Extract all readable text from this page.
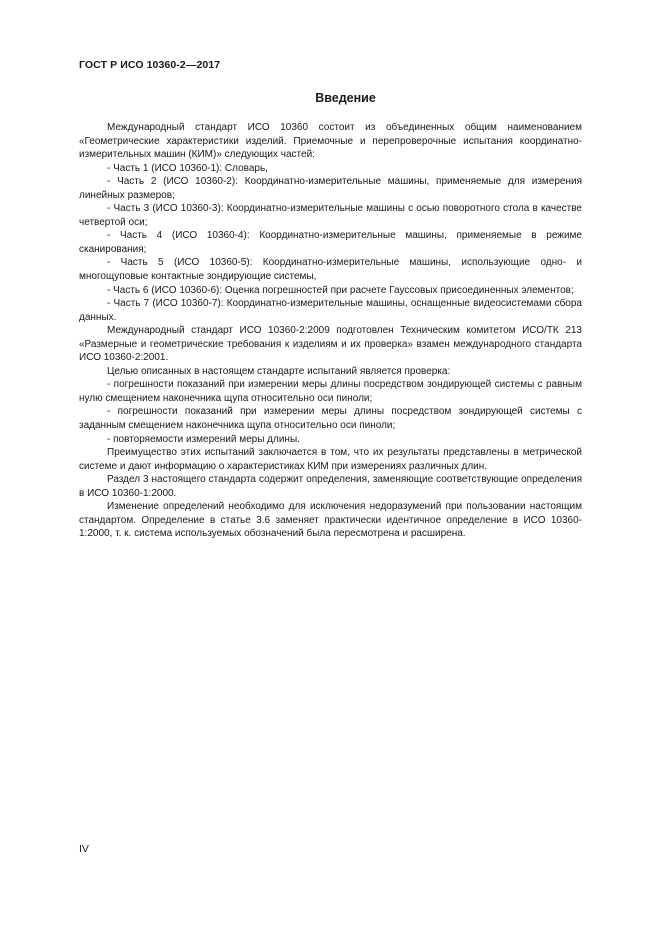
ГОСТ Р ИСО 10360-2—2017
Введение

Международный стандарт ИСО 10360 состоит из объединенных общим наименованием «Геометрические характеристики изделий. Приемочные и перепроверочные испытания координатно-измерительных машин (КИМ)» следующих частей:

- Часть 1 (ИСО 10360-1): Словарь,

- Часть 2 (ИСО 10360-2): Координатно-измерительные машины, применяемые для измерения линейных размеров;

- Часть 3 (ИСО 10360-3): Координатно-измерительные машины с осью поворотного стола в качестве четвертой оси;

- Часть 4 (ИСО 10360-4): Координатно-измерительные машины, применяемые в режиме сканирования;

- Часть 5 (ИСО 10360-5): Координатно-измерительные машины, использующие одно- и многощуповые контактные зондирующие системы,

- Часть 6 (ИСО 10360-6): Оценка погрешностей при расчете Гауссовых присоединенных элементов;

- Часть 7 (ИСО 10360-7): Координатно-измерительные машины, оснащенные видеосистемами сбора данных.

Международный стандарт ИСО 10360-2:2009 подготовлен Техническим комитетом ИСО/ТК 213 «Размерные и геометрические требования к изделиям и их проверка» взамен международного стандарта ИСО 10360-2:2001.

Целью описанных в настоящем стандарте испытаний является проверка:

- погрешности показаний при измерении меры длины посредством зондирующей системы с равным нулю смещением наконечника щупа относительно оси пиноли;

- погрешности показаний при измерении меры длины посредством зондирующей системы с заданным смещением наконечника щупа относительно оси пиноли;

- повторяемости измерений меры длины.

Преимущество этих испытаний заключается в том, что их результаты представлены в метрической системе и дают информацию о характеристиках КИМ при измерениях различных длин.

Раздел 3 настоящего стандарта содержит определения, заменяющие соответствующие определения в ИСО 10360-1:2000.

Изменение определений необходимо для исключения недоразумений при пользовании настоящим стандартом. Определение в статье 3.6 заменяет практически идентичное определение в ИСО 10360-1:2000, т. к. система используемых обозначений была пересмотрена и расширена.

IV
